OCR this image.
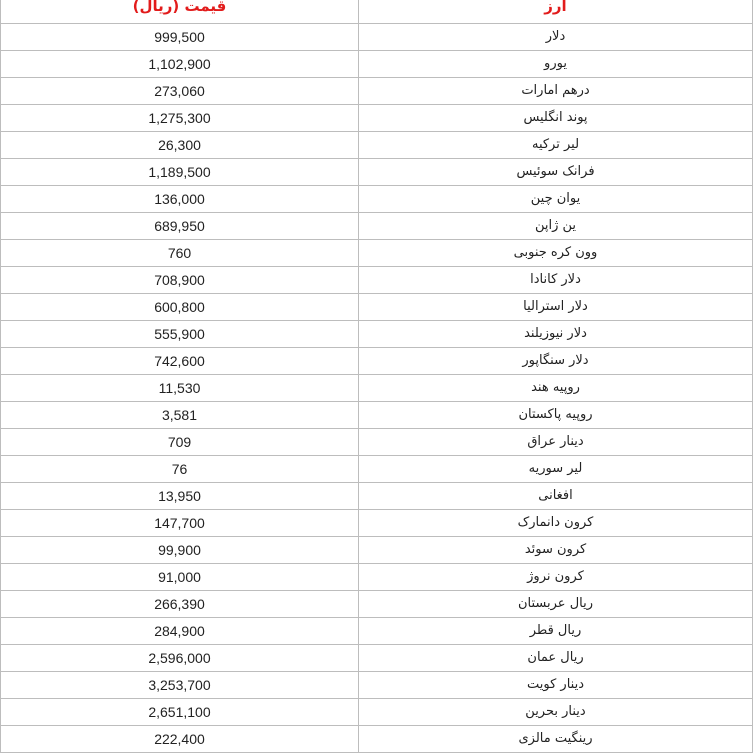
قیمت (ریال)	ارز
999,500	دلار
1,102,900	یورو
273,060	درهم امارات
1,275,300	پوند انگلیس
26,300	لیر ترکیه
1,189,500	فرانک سوئیس
136,000	یوان چین
689,950	ین ژاپن
760	وون کره جنوبی
708,900	دلار کانادا
600,800	دلار استرالیا
555,900	دلار نیوزیلند
742,600	دلار سنگاپور
11,530	روپیه هند
3,581	روپیه پاکستان
709	دینار عراق
76	لیر سوریه
13,950	افغانی
147,700	کرون دانمارک
99,900	کرون سوئد
91,000	کرون نروژ
266,390	ریال عربستان
284,900	ریال قطر
2,596,000	ریال عمان
3,253,700	دینار کویت
2,651,100	دینار بحرین
222,400	رینگیت مالزی
